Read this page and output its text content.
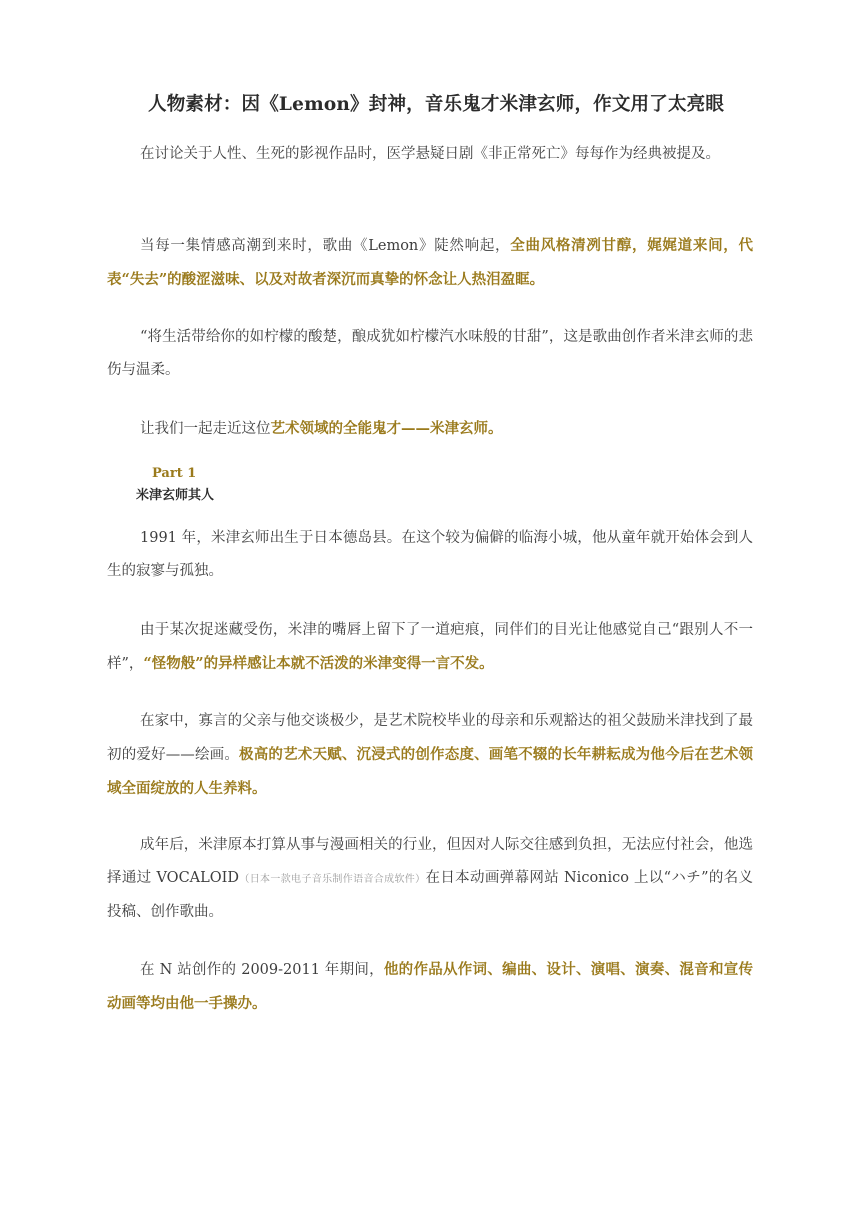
人物素材：因《Lemon》封神，音乐鬼才米津玄师，作文用了太亮眼

在讨论关于人性、生死的影视作品时，医学悬疑日剧《非正常死亡》每每作为经典被提及。

当每一集情感高潮到来时，歌曲《Lemon》陡然响起，全曲风格清冽甘醇，娓娓道来间，代表“失去”的酸涩滋味、以及对故者深沉而真挚的怀念让人热泪盈眶。

“将生活带给你的如柠檬的酸楚，酿成犹如柠檬汽水味般的甘甜”，这是歌曲创作者米津玄师的悲伤与温柔。

让我们一起走近这位艺术领域的全能鬼才——米津玄师。

Part 1
米津玄师其人

1991 年，米津玄师出生于日本德岛县。在这个较为偏僻的临海小城，他从童年就开始体会到人生的寂寥与孤独。

由于某次捉迷藏受伤，米津的嘴唇上留下了一道疤痕，同伴们的目光让他感觉自己“跟别人不一样”，“怪物般”的异样感让本就不活泼的米津变得一言不发。

在家中，寡言的父亲与他交谈极少，是艺术院校毕业的母亲和乐观豁达的祖父鼓励米津找到了最初的爱好——绘画。极高的艺术天赋、沉浸式的创作态度、画笔不辍的长年耕耘成为他今后在艺术领域全面绽放的人生养料。

成年后，米津原本打算从事与漫画相关的行业，但因对人际交往感到负担，无法应付社会，他选择通过 VOCALOID（日本一款电子音乐制作语音合成软件）在日本动画弹幕网站 Niconico 上以“ハチ”的名义投稿、创作歌曲。

在 N 站创作的 2009-2011 年期间，他的作品从作词、编曲、设计、演唱、演奏、混音和宣传动画等均由他一手操办。
